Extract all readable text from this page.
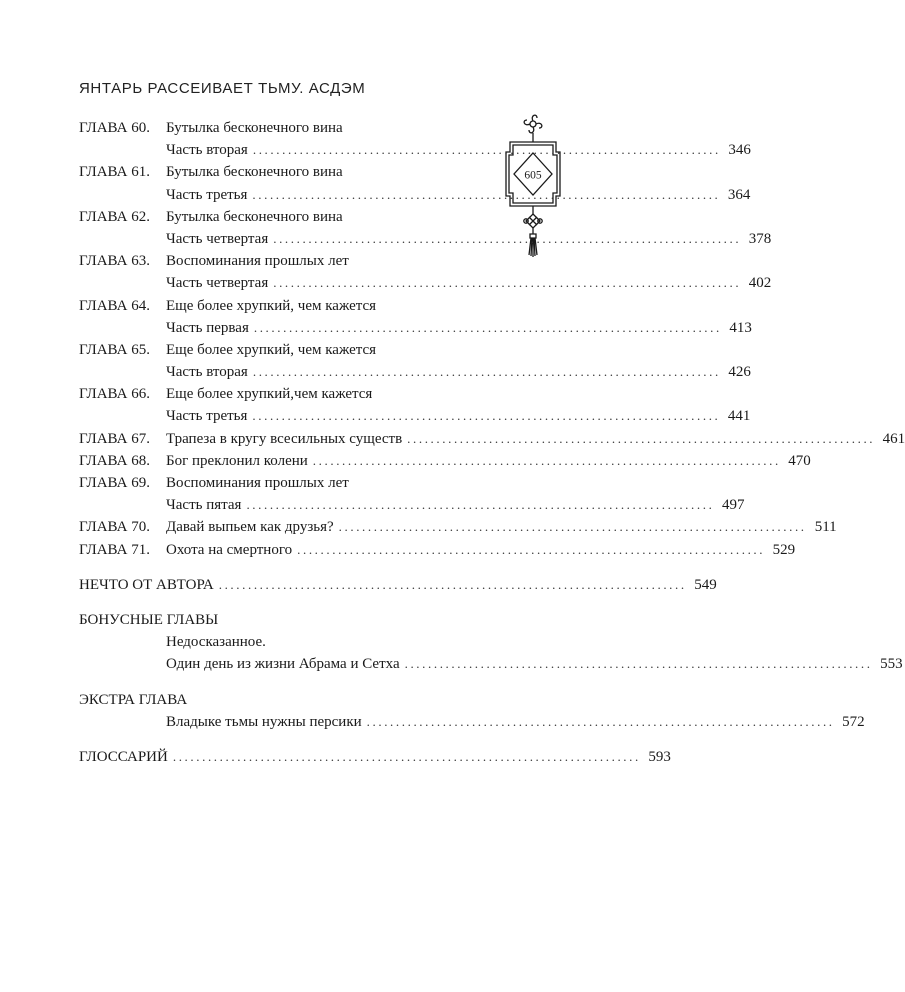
ЯНТАРЬ РАССЕИВАЕТ ТЬМУ. АСДЭМ
605
ГЛАВА 60.	Бутылка бесконечного вина
Часть вторая ................................................................................ 346
ГЛАВА 61.	Бутылка бесконечного вина
Часть третья ................................................................................ 364
ГЛАВА 62.	Бутылка бесконечного вина
Часть четвертая ................................................................................ 378
ГЛАВА 63.	Воспоминания прошлых лет
Часть четвертая ................................................................................ 402
ГЛАВА 64.	Еще более хрупкий, чем кажется
Часть первая ................................................................................ 413
ГЛАВА 65.	Еще более хрупкий, чем кажется
Часть вторая ................................................................................ 426
ГЛАВА 66.	Еще более хрупкий,чем кажется
Часть третья ................................................................................ 441
ГЛАВА 67.	Трапеза в кругу всесильных существ ................................................................................ 461
ГЛАВА 68.	Бог преклонил колени ................................................................................ 470
ГЛАВА 69.	Воспоминания прошлых лет
Часть пятая ................................................................................ 497
ГЛАВА 70.	Давай выпьем как друзья? ................................................................................ 511
ГЛАВА 71.	Охота на смертного ................................................................................ 529
НЕЧТО ОТ АВТОРА ................................................................................ 549
БОНУСНЫЕ ГЛАВЫ
Недосказанное.
Один день из жизни Абрама и Сетха ................................................................................ 553
ЭКСТРА ГЛАВА
Владыке тьмы нужны персики ................................................................................ 572
ГЛОССАРИЙ ................................................................................ 593
